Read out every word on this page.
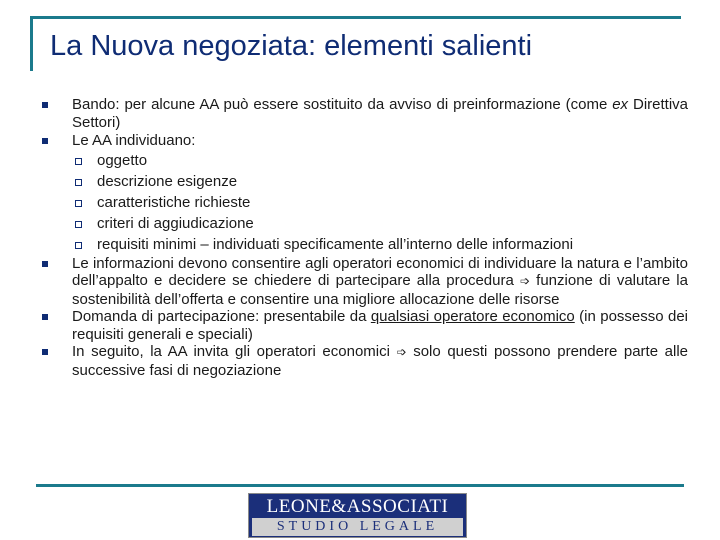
La Nuova negoziata: elementi salienti
Bando: per alcune AA può essere sostituito da avviso di preinformazione (come ex Direttiva Settori)
Le AA individuano:
oggetto
descrizione esigenze
caratteristiche richieste
criteri di aggiudicazione
requisiti minimi – individuati specificamente all’interno delle informazioni
Le informazioni devono consentire agli operatori economici di individuare la natura e l’ambito dell’appalto e decidere se chiedere di partecipare alla procedura ➩ funzione di valutare la sostenibilità dell’offerta e consentire una migliore allocazione delle risorse
Domanda di partecipazione: presentabile da qualsiasi operatore economico (in possesso dei requisiti generali e speciali)
In seguito, la AA invita gli operatori economici ➩ solo questi possono prendere parte alle successive fasi di negoziazione
LEONE&ASSOCIATI
STUDIO LEGALE
